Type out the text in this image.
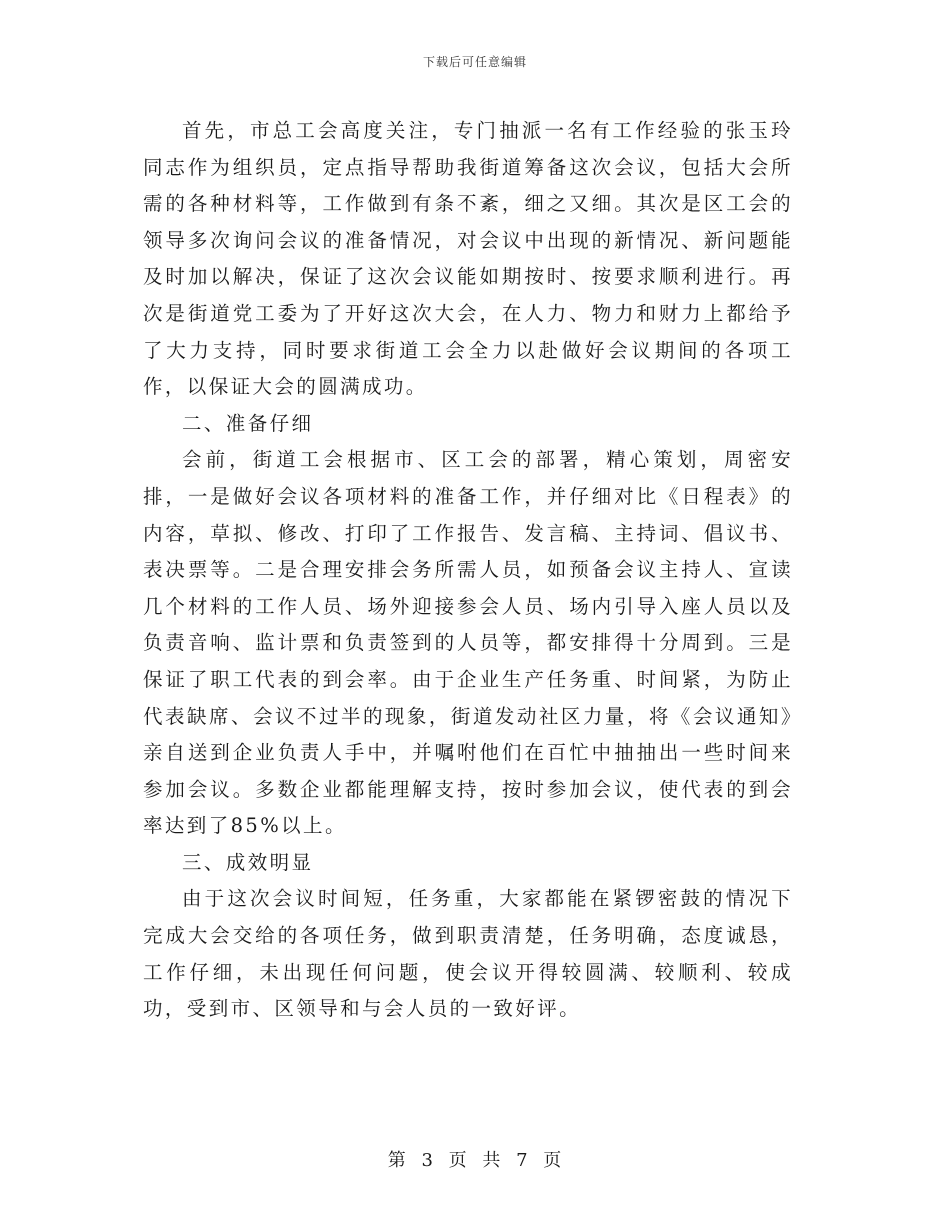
下载后可任意编辑

首先，市总工会高度关注，专门抽派一名有工作经验的张玉玲同志作为组织员，定点指导帮助我街道筹备这次会议，包括大会所需的各种材料等，工作做到有条不紊，细之又细。其次是区工会的领导多次询问会议的准备情况，对会议中出现的新情况、新问题能及时加以解决，保证了这次会议能如期按时、按要求顺利进行。再次是街道党工委为了开好这次大会，在人力、物力和财力上都给予了大力支持，同时要求街道工会全力以赴做好会议期间的各项工作，以保证大会的圆满成功。

二、准备仔细

会前，街道工会根据市、区工会的部署，精心策划，周密安排，一是做好会议各项材料的准备工作，并仔细对比《日程表》的内容，草拟、修改、打印了工作报告、发言稿、主持词、倡议书、表决票等。二是合理安排会务所需人员，如预备会议主持人、宣读几个材料的工作人员、场外迎接参会人员、场内引导入座人员以及负责音响、监计票和负责签到的人员等，都安排得十分周到。三是保证了职工代表的到会率。由于企业生产任务重、时间紧，为防止代表缺席、会议不过半的现象，街道发动社区力量，将《会议通知》亲自送到企业负责人手中，并嘱咐他们在百忙中抽抽出一些时间来参加会议。多数企业都能理解支持，按时参加会议，使代表的到会率达到了85%以上。

三、成效明显

由于这次会议时间短，任务重，大家都能在紧锣密鼓的情况下完成大会交给的各项任务，做到职责清楚，任务明确，态度诚恳，工作仔细，未出现任何问题，使会议开得较圆满、较顺利、较成功，受到市、区领导和与会人员的一致好评。

第 3 页 共 7 页
